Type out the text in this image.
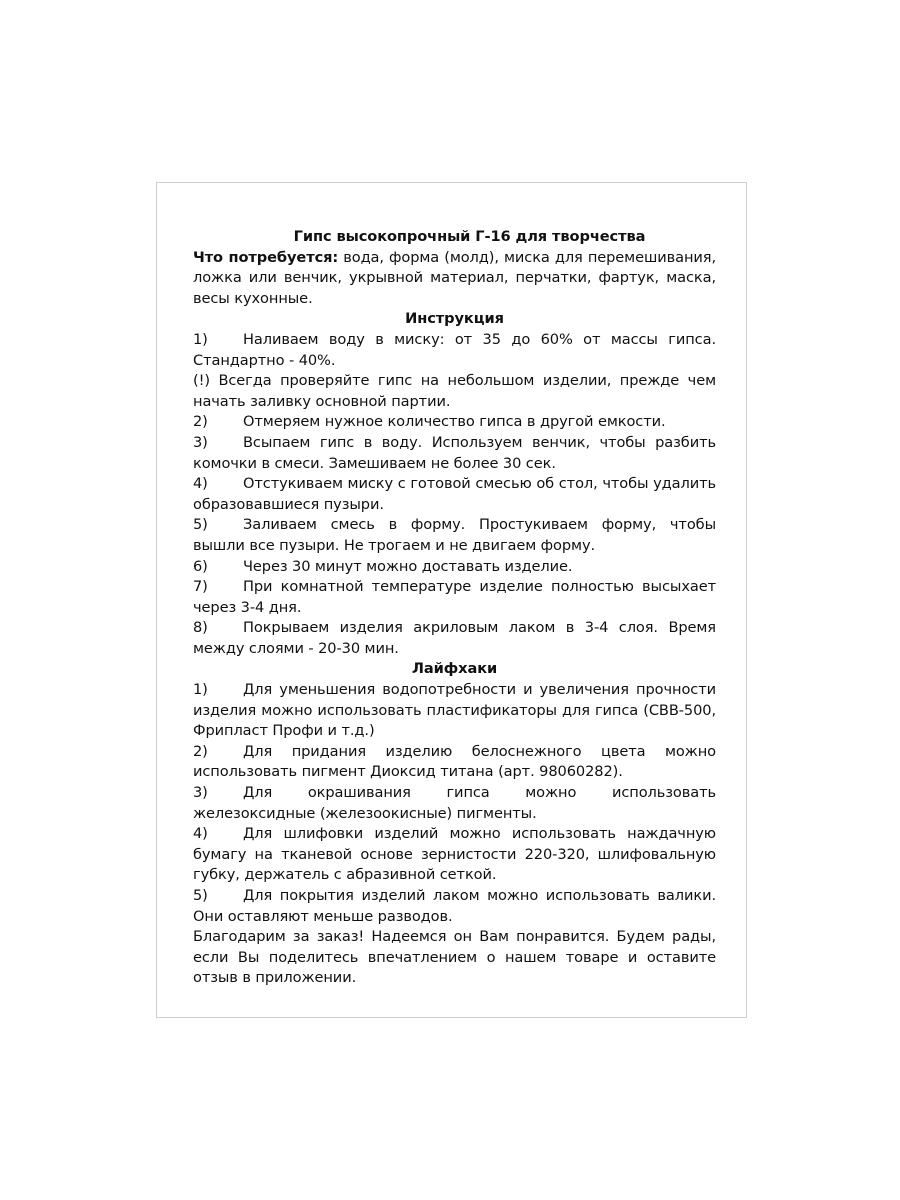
Гипс высокопрочный Г-16 для творчества

Что потребуется: вода, форма (молд), миска для перемешивания, ложка или венчик, укрывной материал, перчатки, фартук, маска, весы кухонные.

Инструкция

1) Наливаем воду в миску: от 35 до 60% от массы гипса. Стандартно - 40%.

(!) Всегда проверяйте гипс на небольшом изделии, прежде чем начать заливку основной партии.

2) Отмеряем нужное количество гипса в другой емкости.

3) Всыпаем гипс в воду. Используем венчик, чтобы разбить комочки в смеси. Замешиваем не более 30 сек.

4) Отстукиваем миску с готовой смесью об стол, чтобы удалить образовавшиеся пузыри.

5) Заливаем смесь в форму. Простукиваем форму, чтобы вышли все пузыри. Не трогаем и не двигаем форму.

6) Через 30 минут можно доставать изделие.

7) При комнатной температуре изделие полностью высыхает через 3-4 дня.

8) Покрываем изделия акриловым лаком в 3-4 слоя. Время между слоями - 20-30 мин.

Лайфхаки

1) Для уменьшения водопотребности и увеличения прочности изделия можно использовать пластификаторы для гипса (СВВ-500, Фрипласт Профи и т.д.)

2) Для придания изделию белоснежного цвета можно использовать пигмент Диоксид титана (арт. 98060282).

3) Для окрашивания гипса можно использовать железоксидные (железоокисные) пигменты.

4) Для шлифовки изделий можно использовать наждачную бумагу на тканевой основе зернистости 220-320, шлифовальную губку, держатель с абразивной сеткой.

5) Для покрытия изделий лаком можно использовать валики. Они оставляют меньше разводов.

Благодарим за заказ! Надеемся он Вам понравится. Будем рады, если Вы поделитесь впечатлением о нашем товаре и оставите отзыв в приложении.
